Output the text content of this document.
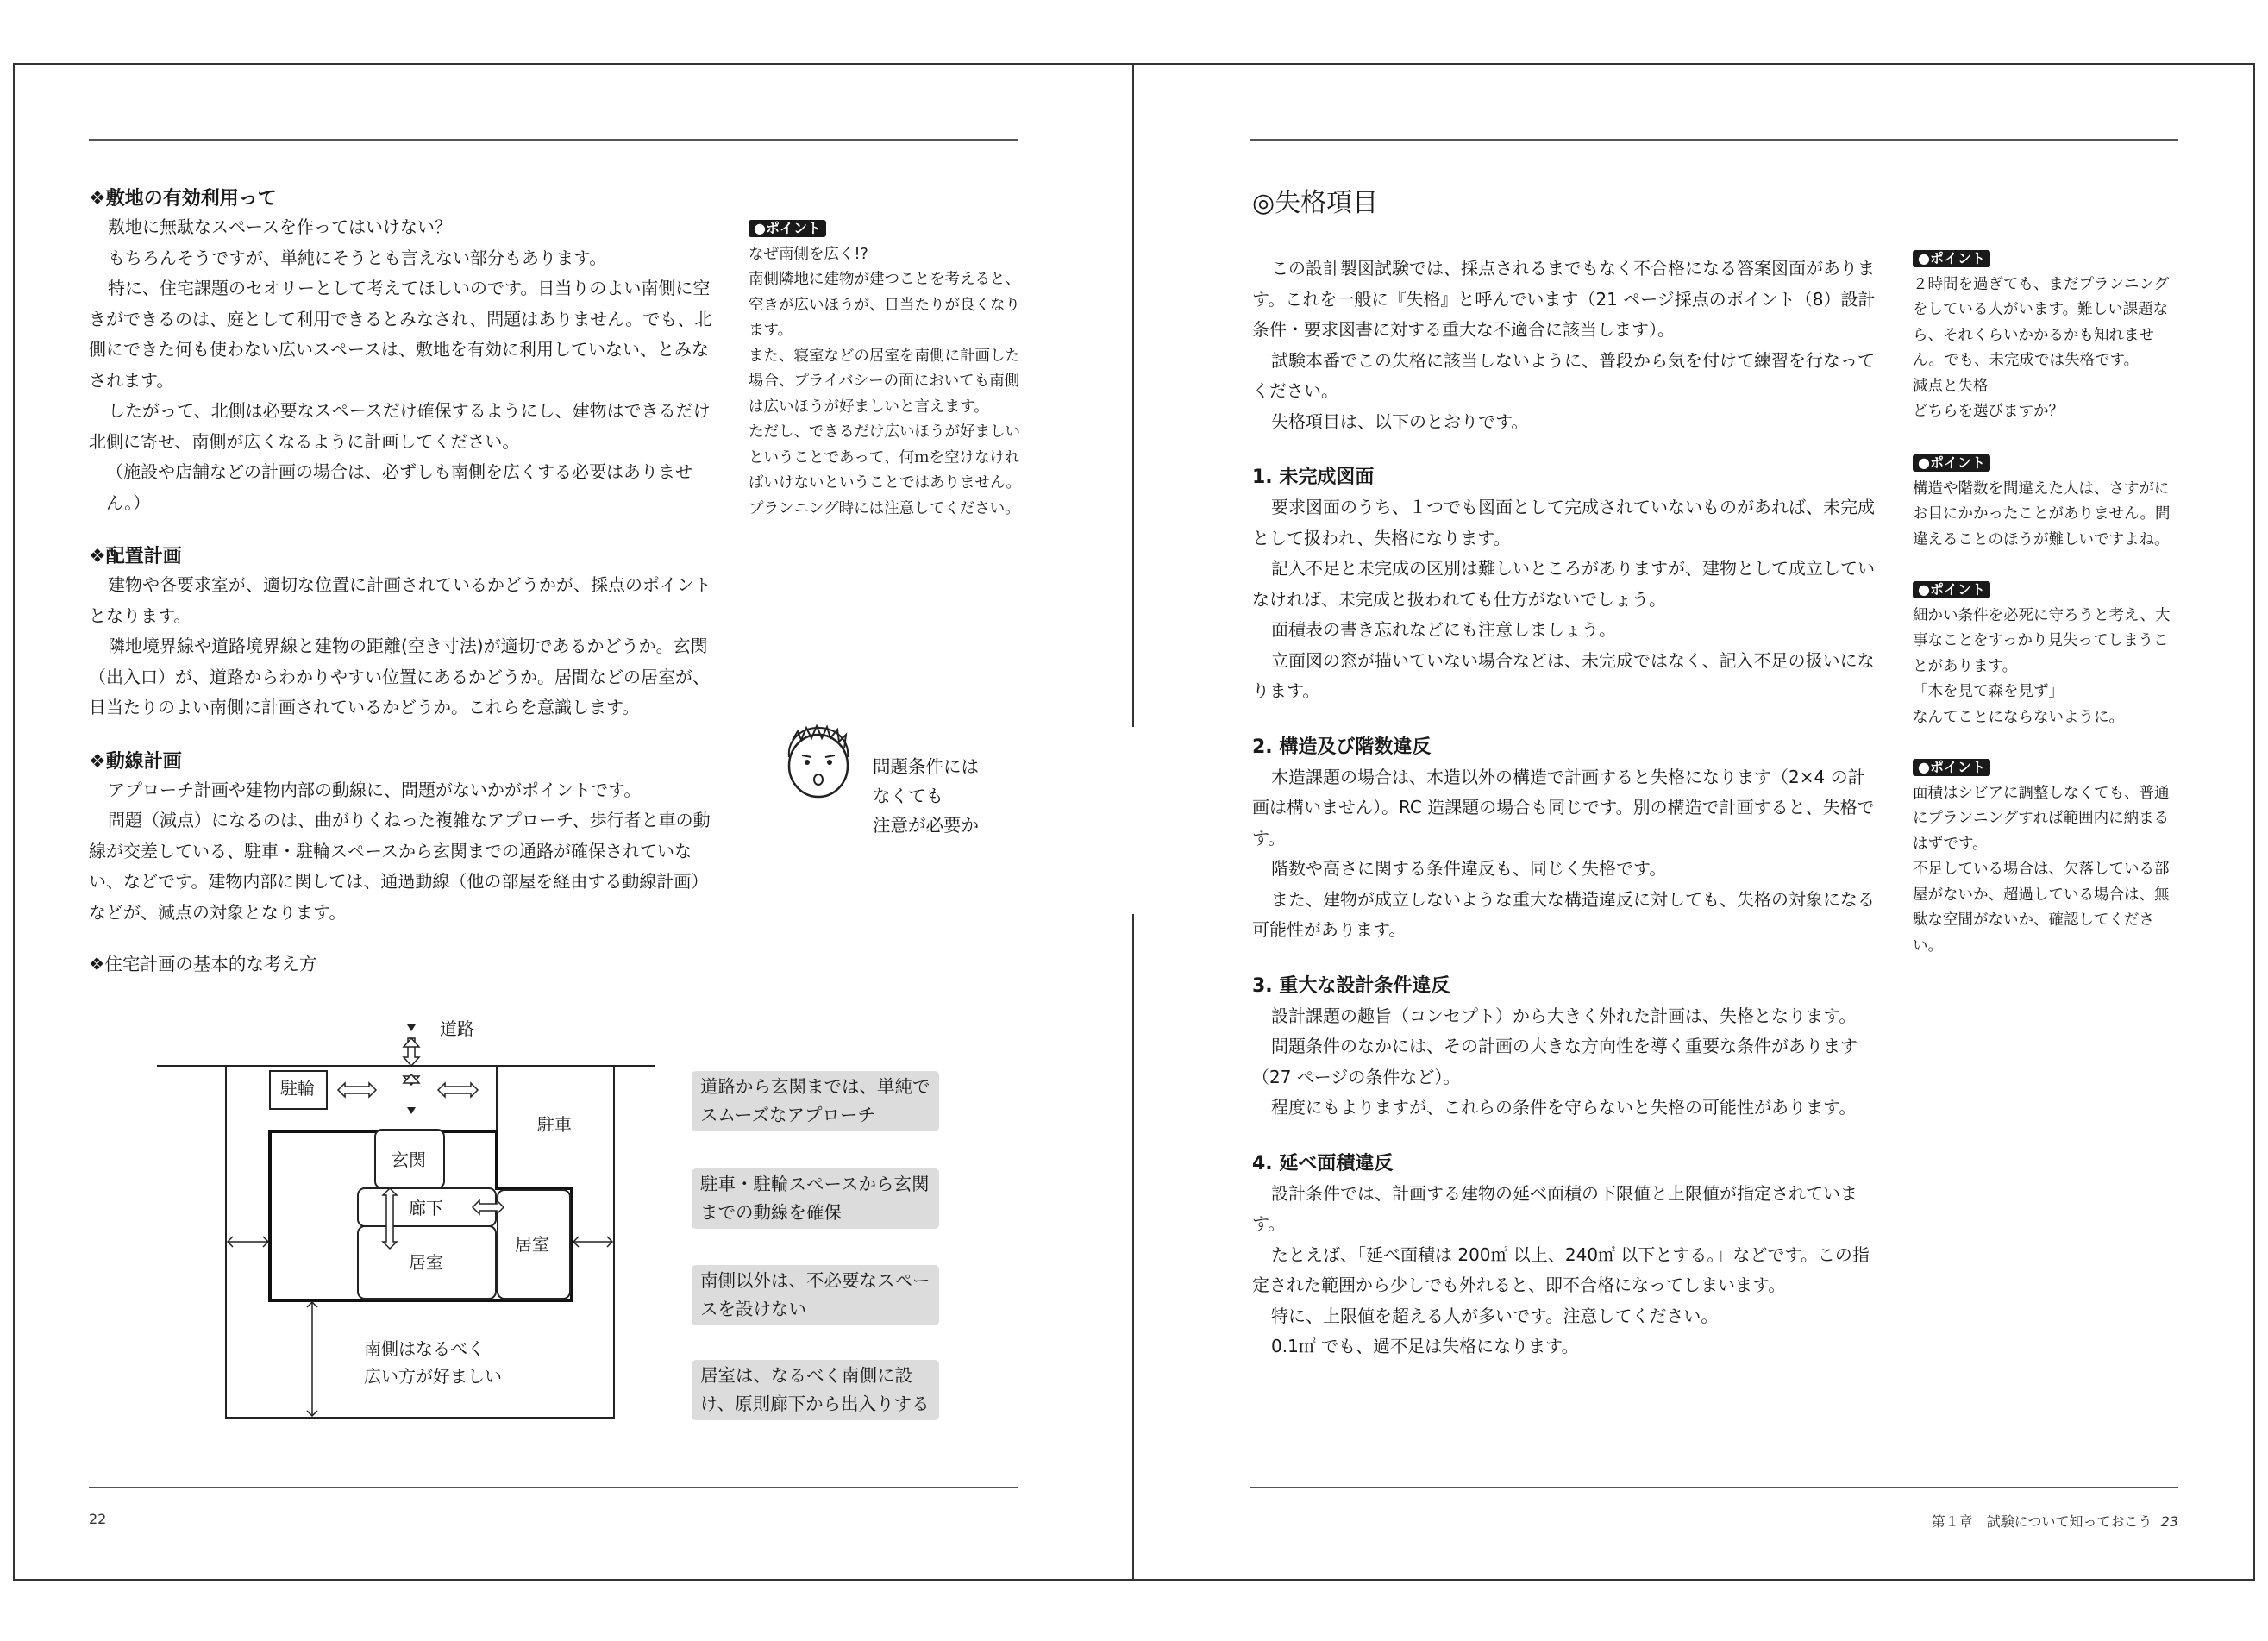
❖敷地の有効利用って

敷地に無駄なスペースを作ってはいけない？

もちろんそうですが、単純にそうとも言えない部分もあります。

特に、住宅課題のセオリーとして考えてほしいのです。日当りのよい南側に空きができるのは、庭として利用できるとみなされ、問題はありません。でも、北側にできた何も使わない広いスペースは、敷地を有効に利用していない、とみなされます。

したがって、北側は必要なスペースだけ確保するようにし、建物はできるだけ北側に寄せ、南側が広くなるように計画してください。

（施設や店舗などの計画の場合は、必ずしも南側を広くする必要はありません。）

❖配置計画

建物や各要求室が、適切な位置に計画されているかどうかが、採点のポイントとなります。

隣地境界線や道路境界線と建物の距離(空き寸法)が適切であるかどうか。玄関（出入口）が、道路からわかりやすい位置にあるかどうか。居間などの居室が、日当たりのよい南側に計画されているかどうか。これらを意識します。

❖動線計画

アプローチ計画や建物内部の動線に、問題がないかがポイントです。

問題（減点）になるのは、曲がりくねった複雑なアプローチ、歩行者と車の動線が交差している、駐車・駐輪スペースから玄関までの通路が確保されていない、などです。建物内部に関しては、通過動線（他の部屋を経由する動線計画）などが、減点の対象となります。

●ポイント

なぜ南側を広く!?

南側隣地に建物が建つことを考えると、空きが広いほうが、日当たりが良くなります。

また、寝室などの居室を南側に計画した場合、プライバシーの面においても南側は広いほうが好ましいと言えます。

ただし、できるだけ広いほうが好ましいということであって、何ｍを空けなければいけないということではありません。

プランニング時には注意してください。

問題条件には
なくても
注意が必要か
❖住宅計画の基本的な考え方
道路
駐輪
駐車
玄関
廊下
居室
居室
南側はなるべく
広い方が好ましい
道路から玄関までは、単純でスムーズなアプローチ
駐車・駐輪スペースから玄関までの動線を確保
南側以外は、不必要なスペースを設けない
居室は、なるべく南側に設け、原則廊下から出入りする
22
◎失格項目

この設計製図試験では、採点されるまでもなく不合格になる答案図面があります。これを一般に『失格』と呼んでいます（21 ページ採点のポイント（8）設計条件・要求図書に対する重大な不適合に該当します）。

試験本番でこの失格に該当しないように、普段から気を付けて練習を行なってください。

失格項目は、以下のとおりです。

1. 未完成図面

要求図面のうち、１つでも図面として完成されていないものがあれば、未完成として扱われ、失格になります。

記入不足と未完成の区別は難しいところがありますが、建物として成立していなければ、未完成と扱われても仕方がないでしょう。

面積表の書き忘れなどにも注意しましょう。

立面図の窓が描いていない場合などは、未完成ではなく、記入不足の扱いになります。

2. 構造及び階数違反

木造課題の場合は、木造以外の構造で計画すると失格になります（2×4 の計画は構いません）。RC 造課題の場合も同じです。別の構造で計画すると、失格です。

階数や高さに関する条件違反も、同じく失格です。

また、建物が成立しないような重大な構造違反に対しても、失格の対象になる可能性があります。

3. 重大な設計条件違反

設計課題の趣旨（コンセプト）から大きく外れた計画は、失格となります。

問題条件のなかには、その計画の大きな方向性を導く重要な条件があります（27 ページの条件など）。

程度にもよりますが、これらの条件を守らないと失格の可能性があります。

4. 延べ面積違反

設計条件では、計画する建物の延べ面積の下限値と上限値が指定されています。

たとえば、「延べ面積は 200㎡ 以上、240㎡ 以下とする。」などです。この指定された範囲から少しでも外れると、即不合格になってしまいます。

特に、上限値を超える人が多いです。注意してください。

0.1㎡ でも、過不足は失格になります。

●ポイント

２時間を過ぎても、まだプランニングをしている人がいます。難しい課題なら、それくらいかかるかも知れません。でも、未完成では失格です。

減点と失格

どちらを選びますか？

●ポイント

構造や階数を間違えた人は、さすがにお目にかかったことがありません。間違えることのほうが難しいですよね。

●ポイント

細かい条件を必死に守ろうと考え、大事なことをすっかり見失ってしまうことがあります。

「木を見て森を見ず」

なんてことにならないように。

●ポイント

面積はシビアに調整しなくても、普通にプランニングすれば範囲内に納まるはずです。

不足している場合は、欠落している部屋がないか、超過している場合は、無駄な空間がないか、確認してください。

第１章　試験について知っておこう 23
